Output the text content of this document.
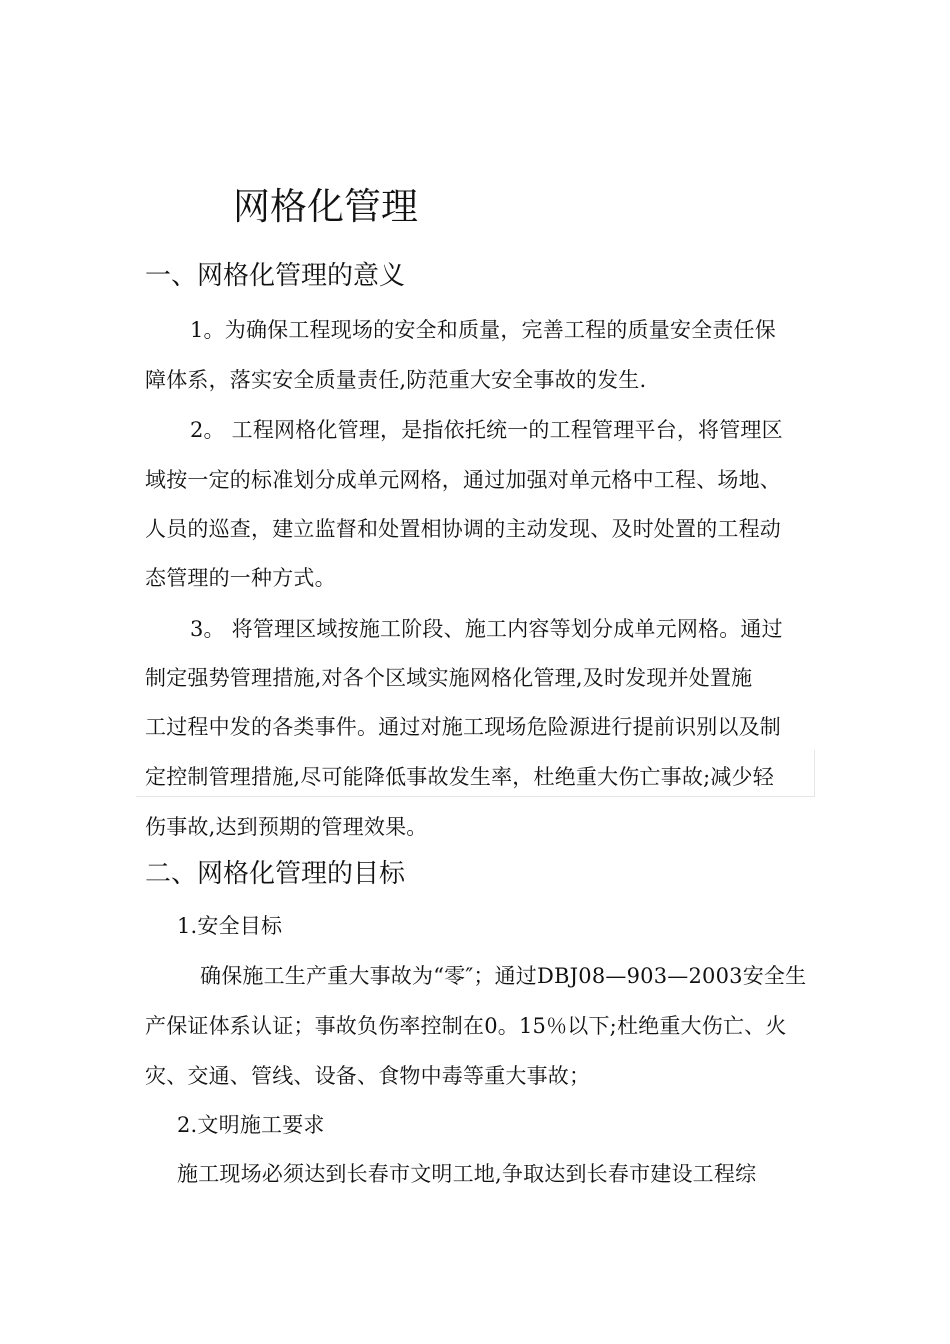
网格化管理
一、网格化管理的意义
1。为确保工程现场的安全和质量，完善工程的质量安全责任保
障体系，落实安全质量责任,防范重大安全事故的发生.
2。 工程网格化管理，是指依托统一的工程管理平台，将管理区
域按一定的标准划分成单元网格，通过加强对单元格中工程、场地、
人员的巡查，建立监督和处置相协调的主动发现、及时处置的工程动
态管理的一种方式。
3。 将管理区域按施工阶段、施工内容等划分成单元网格。通过
制定强势管理措施,对各个区域实施网格化管理,及时发现并处置施
工过程中发的各类事件。通过对施工现场危险源进行提前识别以及制
定控制管理措施,尽可能降低事故发生率，杜绝重大伤亡事故;减少轻
伤事故,达到预期的管理效果。
二、网格化管理的目标
1.安全目标
确保施工生产重大事故为“零″；通过DBJ08—903—2003安全生
产保证体系认证；事故负伤率控制在0。15％以下;杜绝重大伤亡、火
灾、交通、管线、设备、食物中毒等重大事故；
2.文明施工要求
施工现场必须达到长春市文明工地,争取达到长春市建设工程综
